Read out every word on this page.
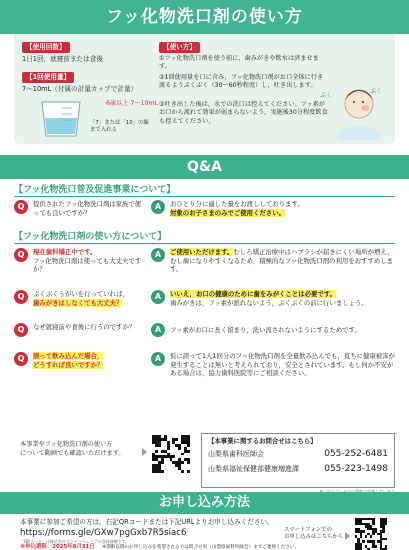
フッ化物洗口剤の使い方
【使用回数】
1日1回，就寝前または食後
【1回使用量】
7～10mL（付属の計量カップで計量）
6歳以上 7～10mL
「7」または「10」の線まで入れる
【使い方】
①フッ化物洗口剤を使う前に，歯みがきや飲水は済ませます。
②1回使用量を口に含み，フッ化物洗口剤がお口全体に行き渡るようぶくぶく（30～60秒程度）し，吐き出します。
③吐き出した後は，水での洗口は控えてください。フッ素がお口から流れて効果が弱まらないよう，実施後30分程度飲食も控えてください。
ぶく
ぶく
Q&A
【フッ化物洗口普及促進事業について】
Q	提供されたフッ化物洗口剤は家族で使っても良いですか？
A	おひとり分に適した量をお渡ししております。
対象のお子さまのみでご使用ください。
【フッ化物洗口剤の使い方について】
Q	現在歯科矯正中です。
フッ化物洗口剤は使っても大丈夫ですか？
A	ご使用いただけます。むしろ矯正治療中はハブラシが届きにくい場所が増え，むし歯になりやすくなるため，積極的なフッ化物洗口剤の利用をおすすめします。
Q	ぶくぶくうがいを行っていれば，
歯みがきはしなくても大丈夫？
A	いいえ，お口の健康のために歯をみがくことは必要です。
歯みがきは，フッ素が派れないよう，ぶくぶくの前に行いましょう。
Q	なぜ就寝前や食後に行うのですか？	A	フッ素がお口に長く留まり，洗い流されないようにするためです。
Q	誤って飲み込んだ場合，
どうすれば良いですか？
A	仮に誤って1人1回分のフッ化物洗口剤を全量飲み込んでも，直ちに健康被害が発生することは無いと考えられており，安全とされています。もし何か不安がある場合は，協力歯科医院等にご相談ください。
本事業やフッ化物洗口剤の使い方
について動画でも確認いただけます。
【本事業に関するお問合せはこちら】
山梨県歯科医師会	055-252-6481
山梨県福祉保健部健康増進課	055-223-1498
お申し込み方法
本事業に参加ご希望の方は，右記QRコードまたは下記URLよりお申し込みください。
https://forms.gle/GXw7pgGxb7R5siac6
「QRコード」は株式会社デンソーウェーブの登録商標です。
スマートフォンでの
お申し込みはこちらから
※申込期限：2025年8月31日 ※期限以降のお申し込みを希望される方は問合せ先（山梨県歯科医師会）までご連絡ください。
